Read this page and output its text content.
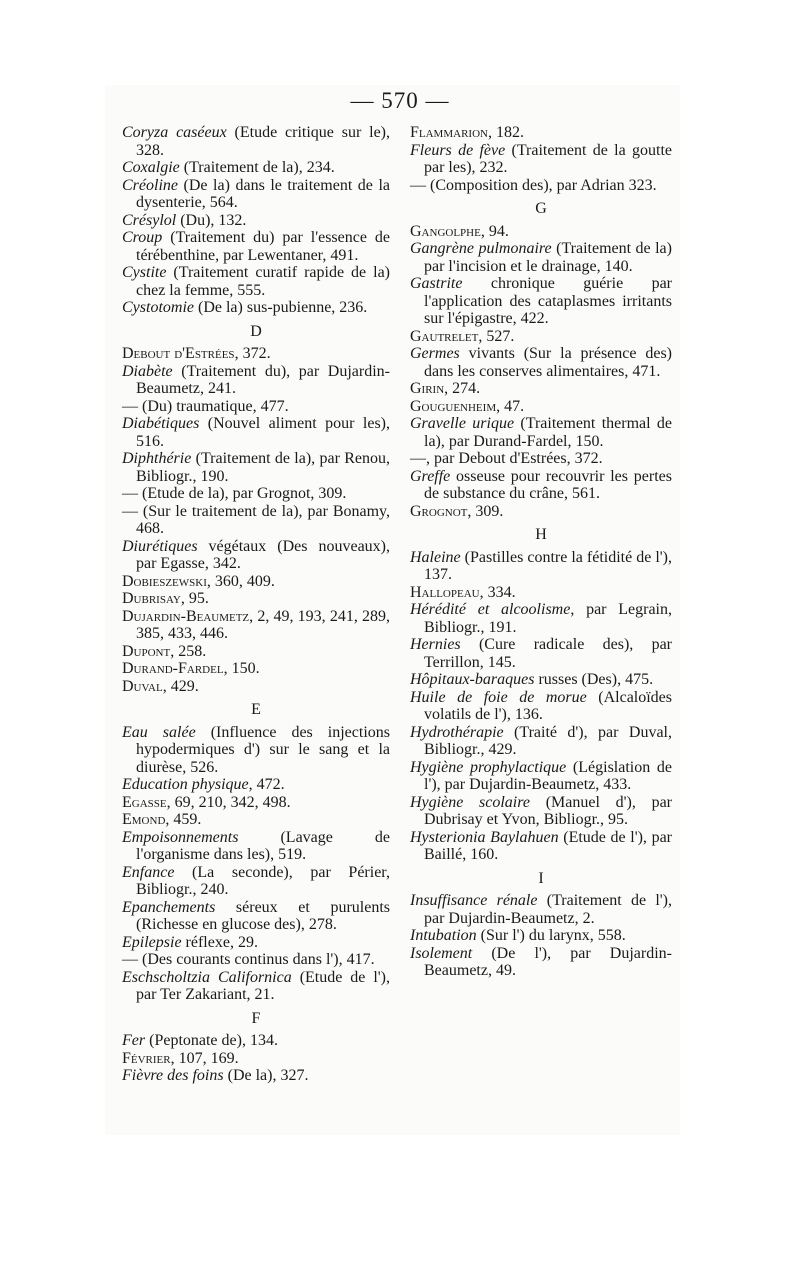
— 570 —
Coryza caséeux (Etude critique sur le), 328.
Coxalgie (Traitement de la), 234.
Créoline (De la) dans le traitement de la dysenterie, 564.
Crésylol (Du), 132.
Croup (Traitement du) par l'essence de térébenthine, par Lewentaner, 491.
Cystite (Traitement curatif rapide de la) chez la femme, 555.
Cystotomie (De la) sus-pubienne, 236.
D
Debout d'Estrées, 372.
Diabète (Traitement du), par Dujardin-Beaumetz, 241.
— (Du) traumatique, 477.
Diabétiques (Nouvel aliment pour les), 516.
Diphthérie (Traitement de la), par Renou, Bibliogr., 190.
— (Etude de la), par Grognot, 309.
— (Sur le traitement de la), par Bonamy, 468.
Diurétiques végétaux (Des nouveaux), par Egasse, 342.
Dobieszewski, 360, 409.
Dubrisay, 95.
Dujardin-Beaumetz, 2, 49, 193, 241, 289, 385, 433, 446.
Dupont, 258.
Durand-Fardel, 150.
Duval, 429.
E
Eau salée (Influence des injections hypodermiques d') sur le sang et la diurèse, 526.
Education physique, 472.
Egasse, 69, 210, 342, 498.
Emond, 459.
Empoisonnements (Lavage de l'organisme dans les), 519.
Enfance (La seconde), par Périer, Bibliogr., 240.
Epanchements séreux et purulents (Richesse en glucose des), 278.
Epilepsie réflexe, 29.
— (Des courants continus dans l'), 417.
Eschscholtzia Californica (Etude de l'), par Ter Zakariant, 21.
F
Fer (Peptonate de), 134.
Février, 107, 169.
Fièvre des foins (De la), 327.
Flammarion, 182.
Fleurs de fève (Traitement de la goutte par les), 232.
— (Composition des), par Adrian 323.
G
Gangolphe, 94.
Gangrène pulmonaire (Traitement de la) par l'incision et le drainage, 140.
Gastrite chronique guérie par l'application des cataplasmes irritants sur l'épigastre, 422.
Gautrelet, 527.
Germes vivants (Sur la présence des) dans les conserves alimentaires, 471.
Girin, 274.
Gouguenheim, 47.
Gravelle urique (Traitement thermal de la), par Durand-Fardel, 150.
—, par Debout d'Estrées, 372.
Greffe osseuse pour recouvrir les pertes de substance du crâne, 561.
Grognot, 309.
H
Haleine (Pastilles contre la fétidité de l'), 137.
Hallopeau, 334.
Hérédité et alcoolisme, par Legrain, Bibliogr., 191.
Hernies (Cure radicale des), par Terrillon, 145.
Hôpitaux-baraques russes (Des), 475.
Huile de foie de morue (Alcaloïdes volatils de l'), 136.
Hydrothérapie (Traité d'), par Duval, Bibliogr., 429.
Hygiène prophylactique (Législation de l'), par Dujardin-Beaumetz, 433.
Hygiène scolaire (Manuel d'), par Dubrisay et Yvon, Bibliogr., 95.
Hysterionia Baylahuen (Etude de l'), par Baillé, 160.
I
Insuffisance rénale (Traitement de l'), par Dujardin-Beaumetz, 2.
Intubation (Sur l') du larynx, 558.
Isolement (De l'), par Dujardin-Beaumetz, 49.
